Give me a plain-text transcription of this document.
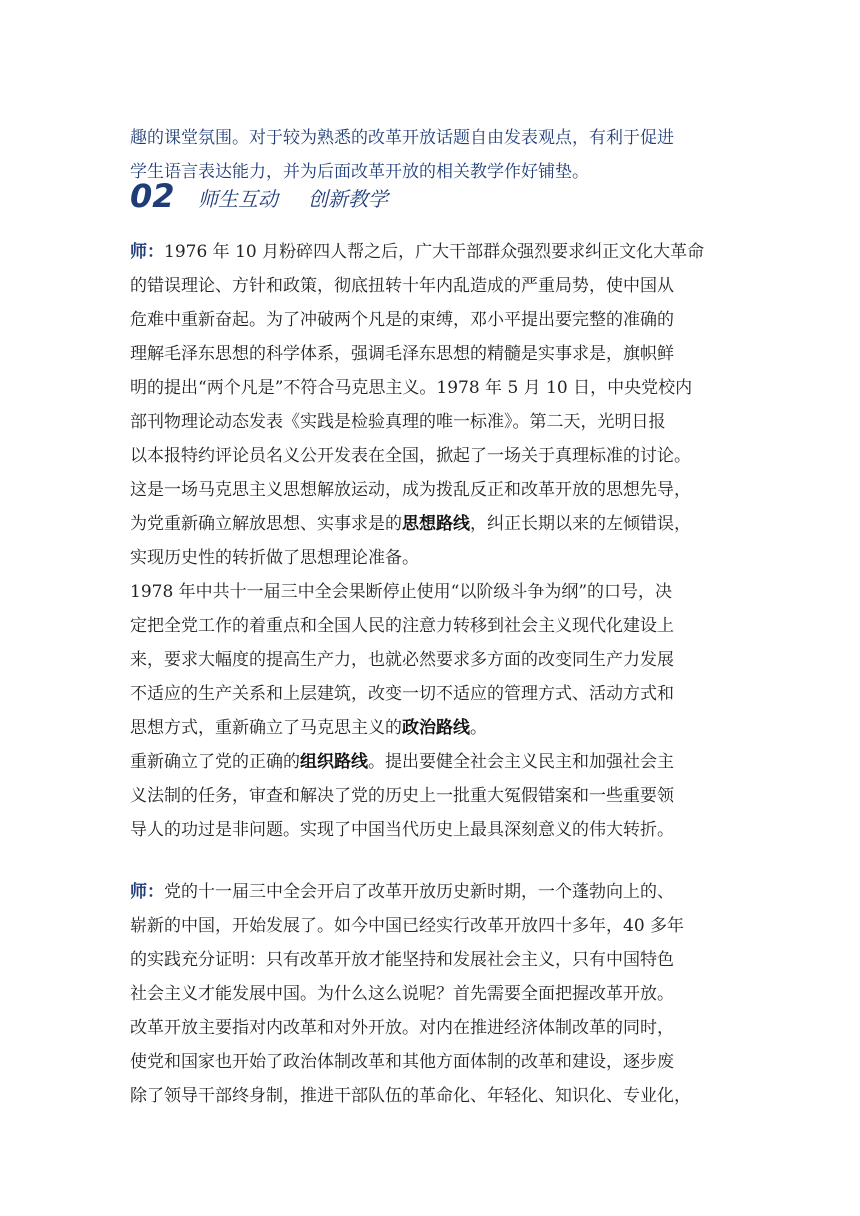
趣的课堂氛围。对于较为熟悉的改革开放话题自由发表观点，有利于促进

学生语言表达能力，并为后面改革开放的相关教学作好铺垫。

02 师生互动 创新教学

师：1976 年 10 月粉碎四人帮之后，广大干部群众强烈要求纠正文化大革命

的错误理论、方针和政策，彻底扭转十年内乱造成的严重局势，使中国从

危难中重新奋起。为了冲破两个凡是的束缚，邓小平提出要完整的准确的

理解毛泽东思想的科学体系，强调毛泽东思想的精髓是实事求是，旗帜鲜

明的提出“两个凡是”不符合马克思主义。1978 年 5 月 10 日，中央党校内

部刊物理论动态发表《实践是检验真理的唯一标准》。第二天，光明日报

以本报特约评论员名义公开发表在全国，掀起了一场关于真理标准的讨论。

这是一场马克思主义思想解放运动，成为拨乱反正和改革开放的思想先导，

为党重新确立解放思想、实事求是的思想路线，纠正长期以来的左倾错误，

实现历史性的转折做了思想理论准备。

1978 年中共十一届三中全会果断停止使用“以阶级斗争为纲”的口号，决

定把全党工作的着重点和全国人民的注意力转移到社会主义现代化建设上

来，要求大幅度的提高生产力，也就必然要求多方面的改变同生产力发展

不适应的生产关系和上层建筑，改变一切不适应的管理方式、活动方式和

思想方式，重新确立了马克思主义的政治路线。

重新确立了党的正确的组织路线。提出要健全社会主义民主和加强社会主

义法制的任务，审查和解决了党的历史上一批重大冤假错案和一些重要领

导人的功过是非问题。实现了中国当代历史上最具深刻意义的伟大转折。

师：党的十一届三中全会开启了改革开放历史新时期，一个蓬勃向上的、

崭新的中国，开始发展了。如今中国已经实行改革开放四十多年，40 多年

的实践充分证明：只有改革开放才能坚持和发展社会主义，只有中国特色

社会主义才能发展中国。为什么这么说呢？首先需要全面把握改革开放。

改革开放主要指对内改革和对外开放。对内在推进经济体制改革的同时，

使党和国家也开始了政治体制改革和其他方面体制的改革和建设，逐步废

除了领导干部终身制，推进干部队伍的革命化、年轻化、知识化、专业化，
